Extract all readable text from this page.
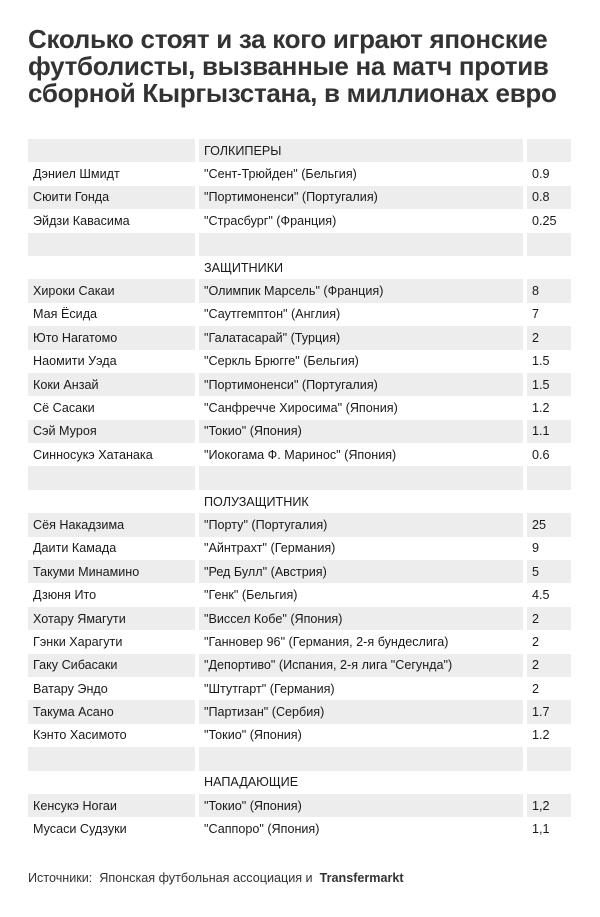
Сколько стоят и за кого играют японские футболисты, вызванные на матч против сборной Кыргызстана, в миллионах евро
ГОЛКИПЕРЫ
Дэниел Шмидт	"Сент-Трюйден" (Бельгия)	0.9
Сюити Гонда	"Портимоненси" (Португалия)	0.8
Эйдзи Кавасима	"Страсбург" (Франция)	0.25
ЗАЩИТНИКИ
Хироки Сакаи	"Олимпик Марсель" (Франция)	8
Мая Ёсида	"Саутгемптон" (Англия)	7
Юто Нагатомо	"Галатасарай" (Турция)	2
Наомити Уэда	"Серкль Брюгге" (Бельгия)	1.5
Коки Анзай	"Портимоненси" (Португалия)	1.5
Сё Сасаки	"Санфречче Хиросима" (Япония)	1.2
Сэй Муроя	"Токио" (Япония)	1.1
Синносукэ Хатанака	"Иокогама Ф. Маринос" (Япония)	0.6
ПОЛУЗАЩИТНИК
Сёя Накадзима	"Порту" (Португалия)	25
Даити Камада	"Айнтрахт" (Германия)	9
Такуми Минамино	"Ред Булл" (Австрия)	5
Дзюня Ито	"Генк" (Бельгия)	4.5
Хотару Ямагути	"Виссел Кобе" (Япония)	2
Гэнки Харагути	"Ганновер 96" (Германия, 2-я бундеслига)	2
Гаку Сибасаки	"Депортиво" (Испания, 2-я лига "Сегунда")	2
Ватару Эндо	"Штутгарт" (Германия)	2
Такума Асано	"Партизан" (Сербия)	1.7
Кэнто Хасимото	"Токио" (Япония)	1.2
НАПАДАЮЩИЕ
Кенсукэ Ногаи	"Токио" (Япония)	1,2
Мусаси Судзуки	"Саппоро" (Япония)	1,1
Источники: Японская футбольная ассоциация и Transfermarkt
